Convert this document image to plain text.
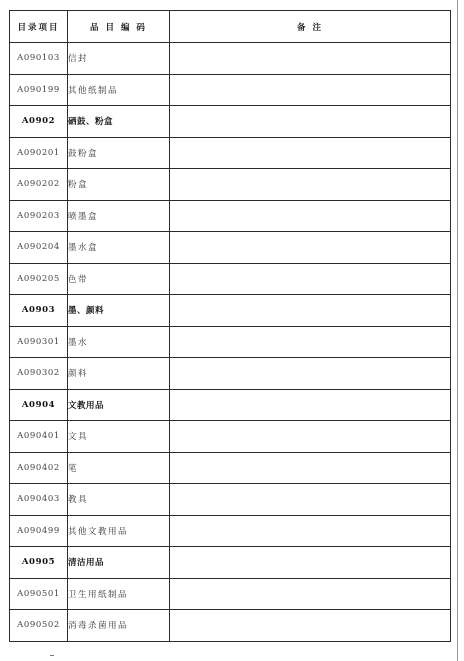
目录项目	品 目 编 码	备 注
A090103	信封	
A090199	其他纸制品	
A0902	硒鼓、粉盒	
A090201	鼓粉盒	
A090202	粉盒	
A090203	喷墨盒	
A090204	墨水盒	
A090205	色带	
A0903	墨、颜料	
A090301	墨水	
A090302	颜料	
A0904	文教用品	
A090401	文具	
A090402	笔	
A090403	教具	
A090499	其他文教用品	
A0905	清洁用品	
A090501	卫生用纸制品	
A090502	消毒杀菌用品	
